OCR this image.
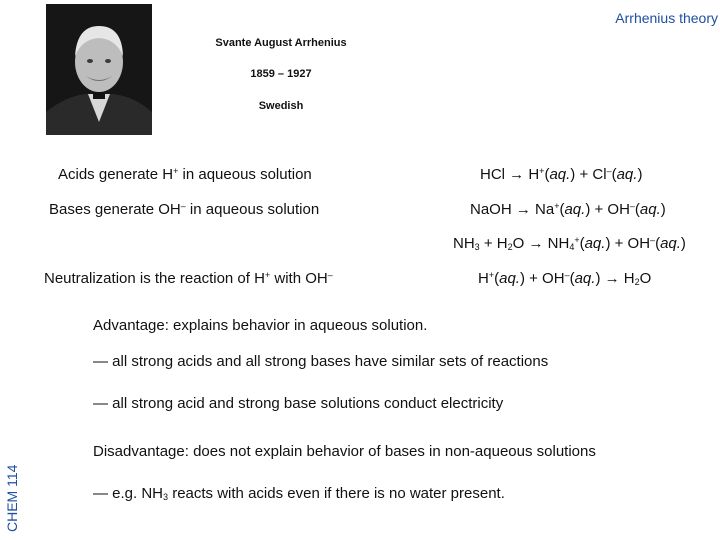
Arrhenius theory
Svante August Arrhenius
1859 – 1927
Swedish
Acids generate H+ in aqueous solution
Bases generate OH– in aqueous solution
Neutralization is the reaction of H+ with OH–
HCl → H+(aq.) + Cl–(aq.)
NaOH → Na+(aq.) + OH–(aq.)
$NH_3 + H_2O \to NH_4^+(aq.) + OH^-(aq.)$
$H^+(aq.) + OH^-(aq.) \to H_2O$
Advantage: explains behavior in aqueous solution.
— all strong acids and all strong bases have similar sets of reactions
— all strong acid and strong base solutions conduct electricity
Disadvantage: does not explain behavior of bases in non-aqueous solutions
— e.g. $NH_3$ reacts with acids even if there is no water present.
CHEM 114
